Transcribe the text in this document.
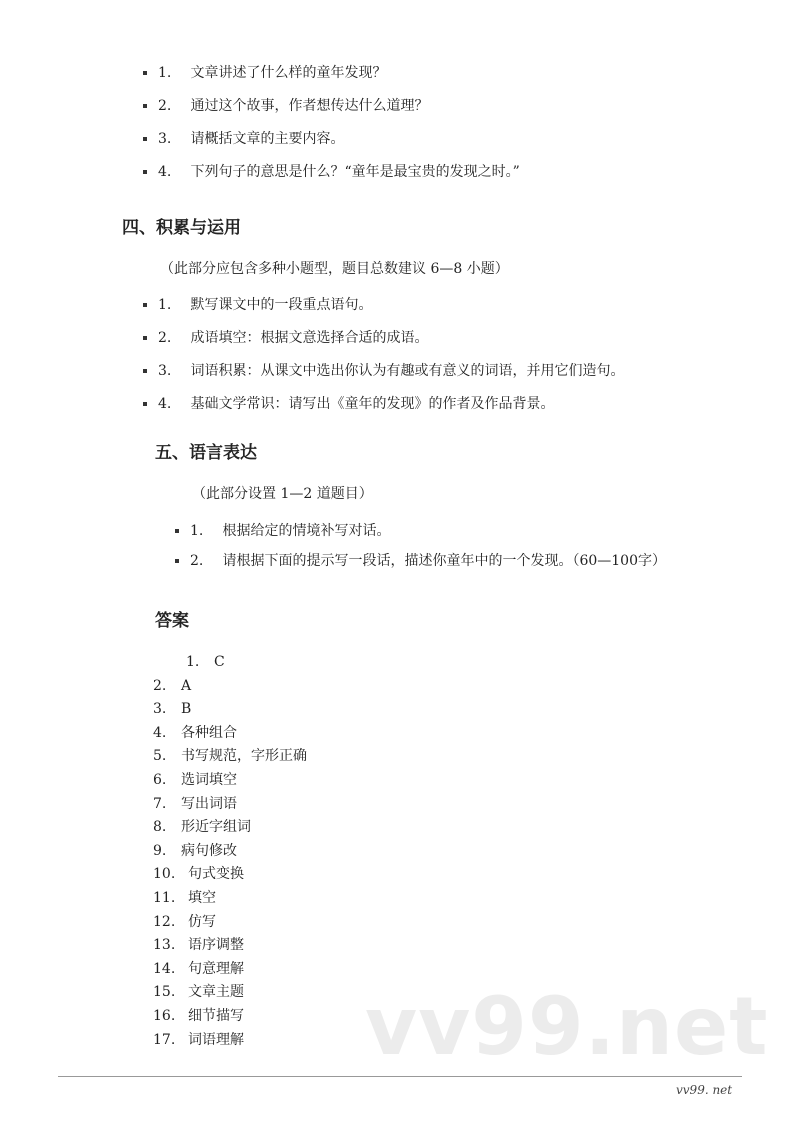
1. 文章讲述了什么样的童年发现？
2. 通过这个故事，作者想传达什么道理？
3. 请概括文章的主要内容。
4. 下列句子的意思是什么？“童年是最宝贵的发现之时。”
四、积累与运用

（此部分应包含多种小题型，题目总数建议 6—8 小题）

1. 默写课文中的一段重点语句。
2. 成语填空：根据文意选择合适的成语。
3. 词语积累：从课文中选出你认为有趣或有意义的词语，并用它们造句。
4. 基础文学常识：请写出《童年的发现》的作者及作品背景。
五、语言表达

（此部分设置 1—2 道题目）

1. 根据给定的情境补写对话。
2. 请根据下面的提示写一段话，描述你童年中的一个发现。（60—100字）
答案
1. C
2. A
3. B
4. 各种组合
5. 书写规范，字形正确
6. 选词填空
7. 写出词语
8. 形近字组词
9. 病句修改
10. 句式变换
11. 填空
12. 仿写
13. 语序调整
14. 句意理解
15. 文章主题
16. 细节描写
17. 词语理解	vv99.net
vv99. net
